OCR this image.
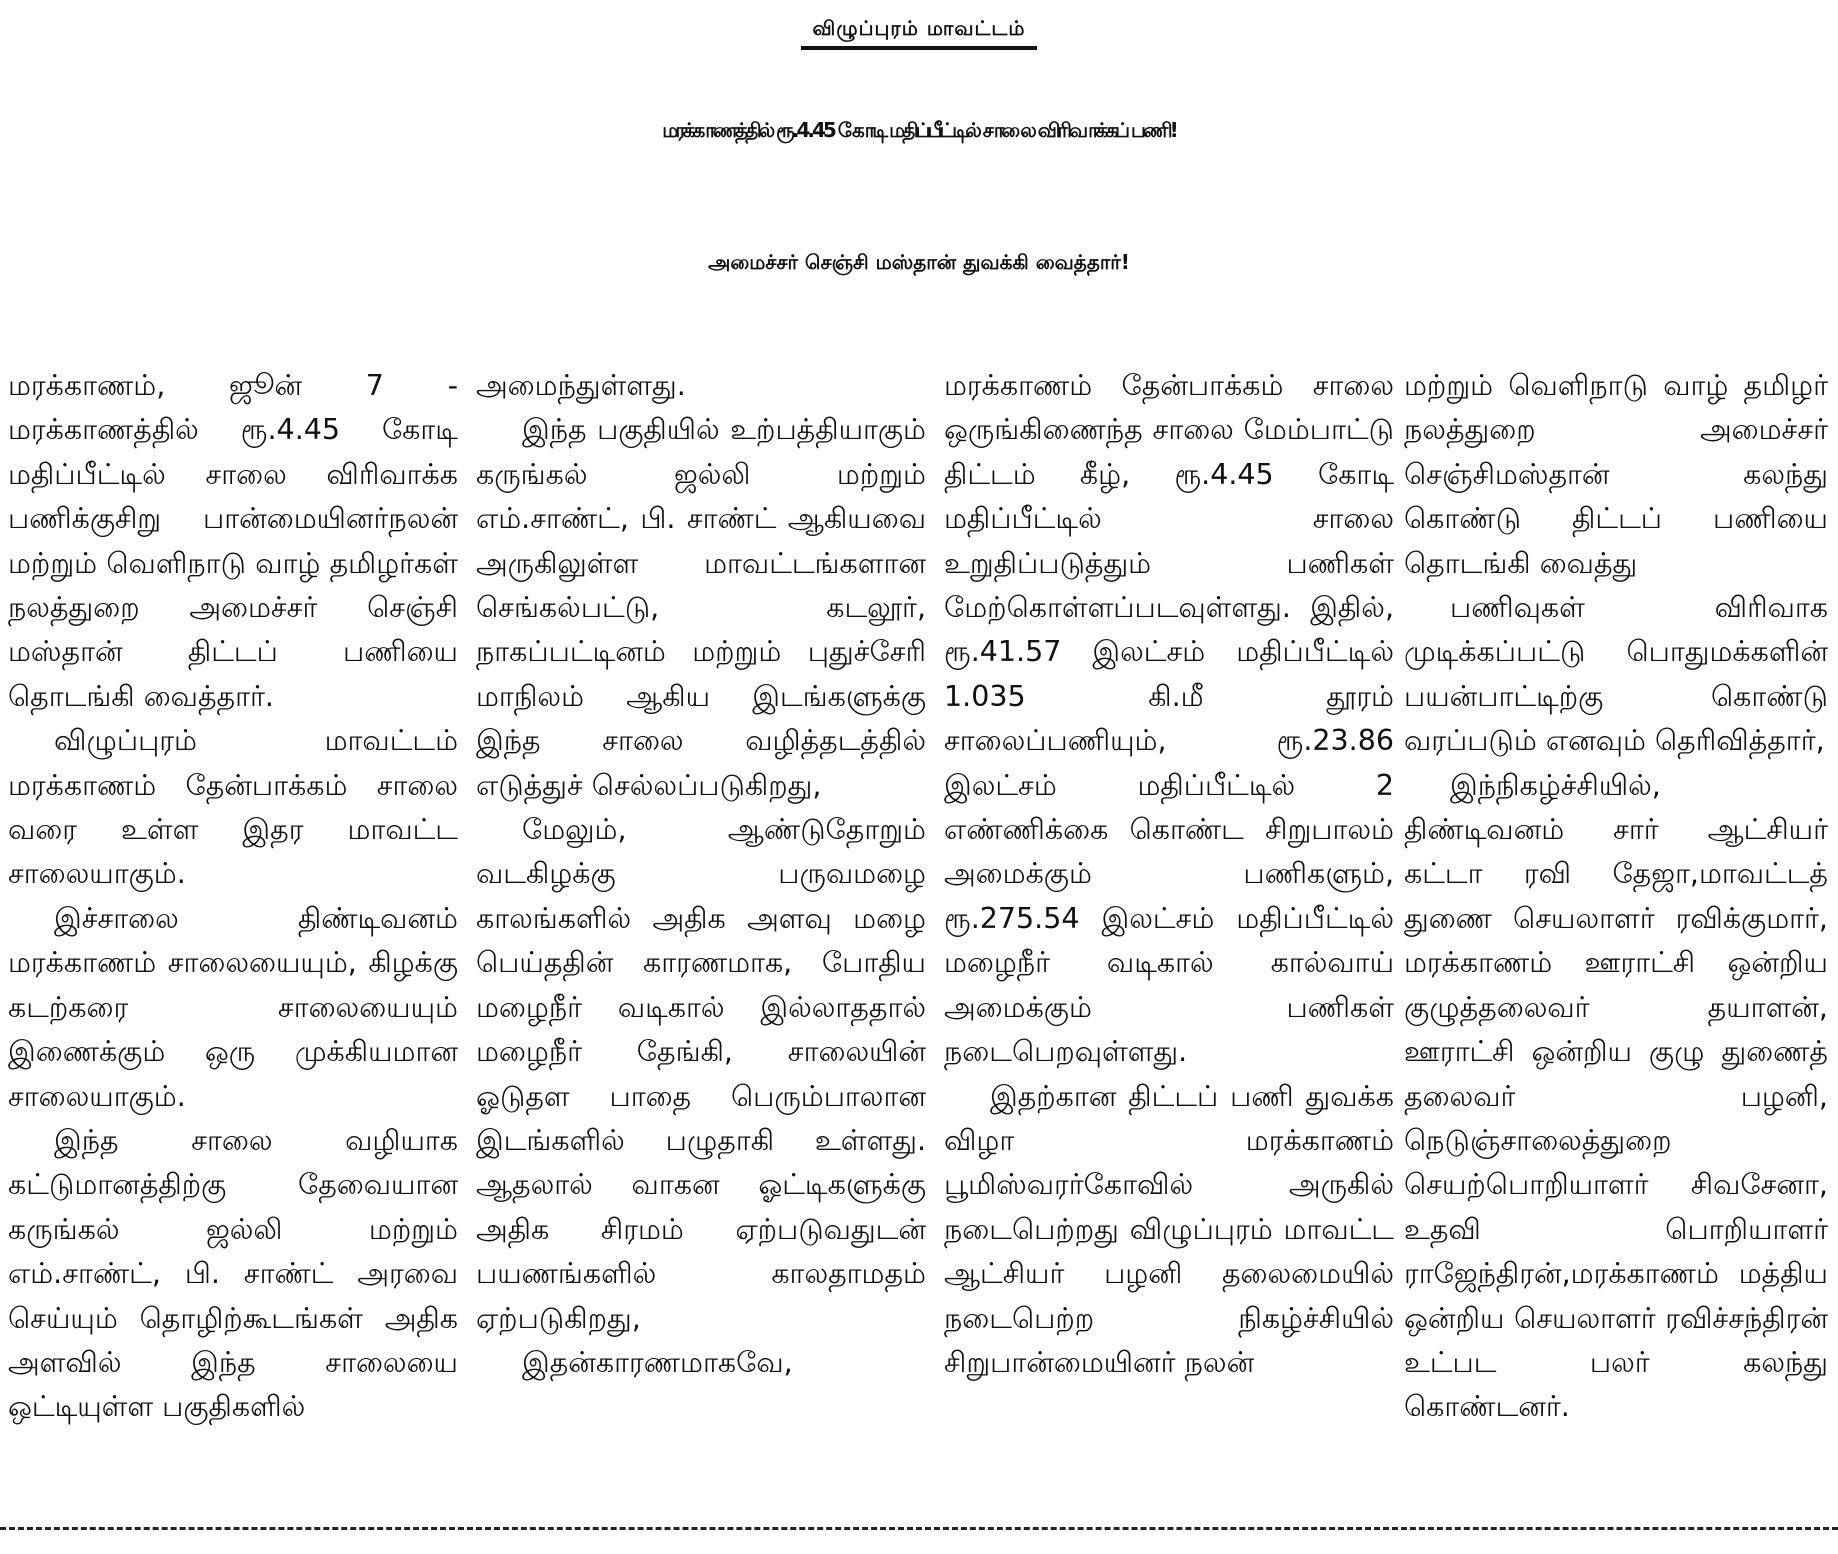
விழுப்புரம் மாவட்டம்
மரக்காணத்தில் ரூ.4.45 கோடி மதிப்பீட்டில் சாலை விரிவாக்கப் பணி!
அமைச்சர் செஞ்சி மஸ்தான் துவக்கி வைத்தார்!

மரக்காணம், ஜூன் 7 - மரக்காணத்தில் ரூ.4.45 கோடி மதிப்பீட்டில் சாலை விரிவாக்க பணிக்குசிறு பான்மையினர்நலன் மற்றும் வெளிநாடு வாழ் தமிழர்கள் நலத்துறை அமைச்சர் செஞ்சி மஸ்தான் திட்டப் பணியை தொடங்கி வைத்தார்.

விழுப்புரம் மாவட்டம் மரக்காணம் தேன்பாக்கம் சாலை வரை உள்ள இதர மாவட்ட சாலையாகும்.

இச்சாலை திண்டிவனம் மரக்காணம் சாலையையும், கிழக்கு கடற்கரை சாலையையும் இணைக்கும் ஒரு முக்கியமான சாலையாகும்.

இந்த சாலை வழியாக கட்டுமானத்திற்கு தேவையான கருங்கல் ஜல்லி மற்றும் எம்.சாண்ட், பி. சாண்ட் அரவை செய்யும் தொழிற்கூடங்கள் அதிக அளவில் இந்த சாலையை ஒட்டியுள்ள பகுதிகளில்

அமைந்துள்ளது.

இந்த பகுதியில் உற்பத்தியாகும் கருங்கல் ஜல்லி மற்றும் எம்.சாண்ட், பி. சாண்ட் ஆகியவை அருகிலுள்ள மாவட்டங்களான செங்கல்பட்டு, கடலூர், நாகப்பட்டினம் மற்றும் புதுச்சேரி மாநிலம் ஆகிய இடங்களுக்கு இந்த சாலை வழித்தடத்தில் எடுத்துச் செல்லப்படுகிறது,

மேலும், ஆண்டுதோறும் வடகிழக்கு பருவமழை காலங்களில் அதிக அளவு மழை பெய்ததின் காரணமாக, போதிய மழைநீர் வடிகால் இல்லாததால் மழைநீர் தேங்கி, சாலையின் ஓடுதள பாதை பெரும்பாலான இடங்களில் பழுதாகி உள்ளது. ஆதலால் வாகன ஓட்டிகளுக்கு அதிக சிரமம் ஏற்படுவதுடன் பயணங்களில் காலதாமதம் ஏற்படுகிறது,

இதன்காரணமாகவே,

மரக்காணம் தேன்பாக்கம் சாலை ஒருங்கிணைந்த சாலை மேம்பாட்டு திட்டம் கீழ், ரூ.4.45 கோடி மதிப்பீட்டில் சாலை உறுதிப்படுத்தும் பணிகள் மேற்கொள்ளப்படவுள்ளது. இதில், ரூ.41.57 இலட்சம் மதிப்பீட்டில் 1.035 கி.மீ தூரம் சாலைப்பணியும், ரூ.23.86 இலட்சம் மதிப்பீட்டில் 2 எண்ணிக்கை கொண்ட சிறுபாலம் அமைக்கும் பணிகளும், ரூ.275.54 இலட்சம் மதிப்பீட்டில் மழைநீர் வடிகால் கால்வாய் அமைக்கும் பணிகள் நடைபெறவுள்ளது.

இதற்கான திட்டப் பணி துவக்க விழா மரக்காணம் பூமிஸ்வரர்கோவில் அருகில் நடைபெற்றது விழுப்புரம் மாவட்ட ஆட்சியர் பழனி தலைமையில் நடைபெற்ற நிகழ்ச்சியில் சிறுபான்மையினர் நலன்

மற்றும் வெளிநாடு வாழ் தமிழர் நலத்துறை அமைச்சர் செஞ்சிமஸ்தான் கலந்து கொண்டு திட்டப் பணியை தொடங்கி வைத்து

பணிவுகள் விரிவாக முடிக்கப்பட்டு பொதுமக்களின் பயன்பாட்டிற்கு கொண்டு வரப்படும் எனவும் தெரிவித்தார்,

இந்நிகழ்ச்சியில், திண்டிவனம் சார் ஆட்சியர் கட்டா ரவி தேஜா,மாவட்டத் துணை செயலாளர் ரவிக்குமார், மரக்காணம் ஊராட்சி ஒன்றிய குழுத்தலைவர் தயாளன், ஊராட்சி ஒன்றிய குழு துணைத் தலைவர் பழனி, நெடுஞ்சாலைத்துறை செயற்பொறியாளர் சிவசேனா, உதவி பொறியாளர் ராஜேந்திரன்,மரக்காணம் மத்திய ஒன்றிய செயலாளர் ரவிச்சந்திரன் உட்பட பலர் கலந்து கொண்டனர்.
